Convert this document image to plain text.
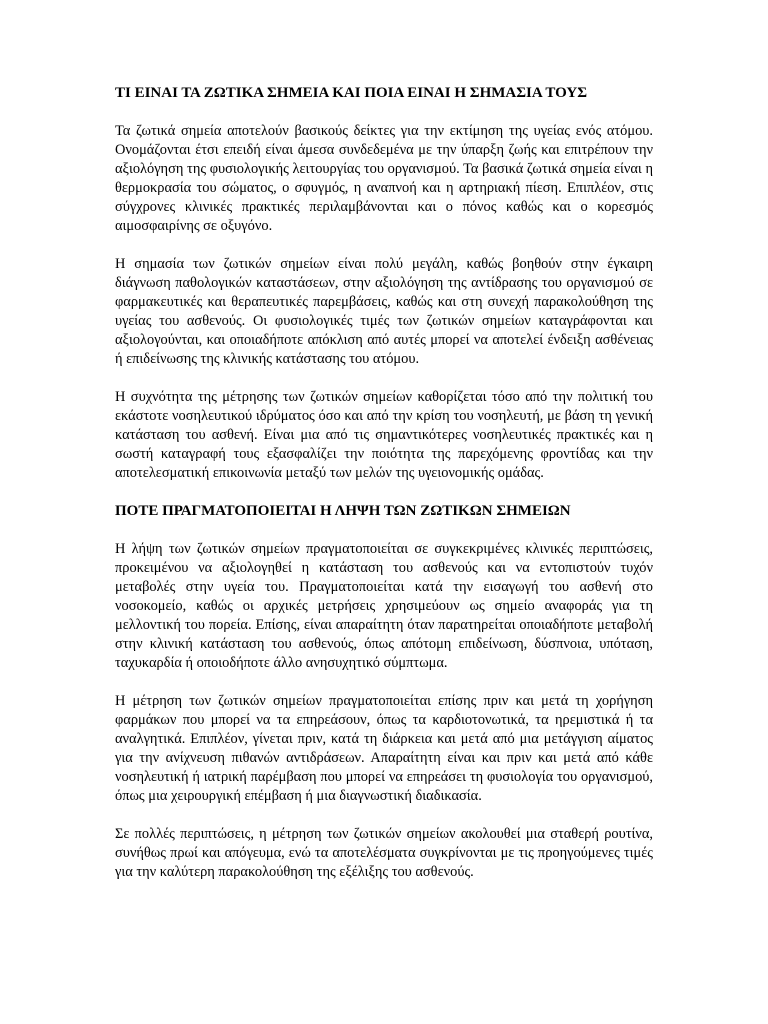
ΤΙ ΕΙΝΑΙ ΤΑ ΖΩΤΙΚΑ ΣΗΜΕΙΑ ΚΑΙ ΠΟΙΑ ΕΙΝΑΙ Η ΣΗΜΑΣΙΑ ΤΟΥΣ

Τα ζωτικά σημεία αποτελούν βασικούς δείκτες για την εκτίμηση της υγείας ενός ατόμου. Ονομάζονται έτσι επειδή είναι άμεσα συνδεδεμένα με την ύπαρξη ζωής και επιτρέπουν την αξιολόγηση της φυσιολογικής λειτουργίας του οργανισμού. Τα βασικά ζωτικά σημεία είναι η θερμοκρασία του σώματος, ο σφυγμός, η αναπνοή και η αρτηριακή πίεση. Επιπλέον, στις σύγχρονες κλινικές πρακτικές περιλαμβάνονται και ο πόνος καθώς και ο κορεσμός αιμοσφαιρίνης σε οξυγόνο.

Η σημασία των ζωτικών σημείων είναι πολύ μεγάλη, καθώς βοηθούν στην έγκαιρη διάγνωση παθολογικών καταστάσεων, στην αξιολόγηση της αντίδρασης του οργανισμού σε φαρμακευτικές και θεραπευτικές παρεμβάσεις, καθώς και στη συνεχή παρακολούθηση της υγείας του ασθενούς. Οι φυσιολογικές τιμές των ζωτικών σημείων καταγράφονται και αξιολογούνται, και οποιαδήποτε απόκλιση από αυτές μπορεί να αποτελεί ένδειξη ασθένειας ή επιδείνωσης της κλινικής κατάστασης του ατόμου.

Η συχνότητα της μέτρησης των ζωτικών σημείων καθορίζεται τόσο από την πολιτική του εκάστοτε νοσηλευτικού ιδρύματος όσο και από την κρίση του νοσηλευτή, με βάση τη γενική κατάσταση του ασθενή. Είναι μια από τις σημαντικότερες νοσηλευτικές πρακτικές και η σωστή καταγραφή τους εξασφαλίζει την ποιότητα της παρεχόμενης φροντίδας και την αποτελεσματική επικοινωνία μεταξύ των μελών της υγειονομικής ομάδας.

ΠΟΤΕ ΠΡΑΓΜΑΤΟΠΟΙΕΙΤΑΙ Η ΛΗΨΗ ΤΩΝ ΖΩΤΙΚΩΝ ΣΗΜΕΙΩΝ

Η λήψη των ζωτικών σημείων πραγματοποιείται σε συγκεκριμένες κλινικές περιπτώσεις, προκειμένου να αξιολογηθεί η κατάσταση του ασθενούς και να εντοπιστούν τυχόν μεταβολές στην υγεία του. Πραγματοποιείται κατά την εισαγωγή του ασθενή στο νοσοκομείο, καθώς οι αρχικές μετρήσεις χρησιμεύουν ως σημείο αναφοράς για τη μελλοντική του πορεία. Επίσης, είναι απαραίτητη όταν παρατηρείται οποιαδήποτε μεταβολή στην κλινική κατάσταση του ασθενούς, όπως απότομη επιδείνωση, δύσπνοια, υπόταση, ταχυκαρδία ή οποιοδήποτε άλλο ανησυχητικό σύμπτωμα.

Η μέτρηση των ζωτικών σημείων πραγματοποιείται επίσης πριν και μετά τη χορήγηση φαρμάκων που μπορεί να τα επηρεάσουν, όπως τα καρδιοτονωτικά, τα ηρεμιστικά ή τα αναλγητικά. Επιπλέον, γίνεται πριν, κατά τη διάρκεια και μετά από μια μετάγγιση αίματος για την ανίχνευση πιθανών αντιδράσεων. Απαραίτητη είναι και πριν και μετά από κάθε νοσηλευτική ή ιατρική παρέμβαση που μπορεί να επηρεάσει τη φυσιολογία του οργανισμού, όπως μια χειρουργική επέμβαση ή μια διαγνωστική διαδικασία.

Σε πολλές περιπτώσεις, η μέτρηση των ζωτικών σημείων ακολουθεί μια σταθερή ρουτίνα, συνήθως πρωί και απόγευμα, ενώ τα αποτελέσματα συγκρίνονται με τις προηγούμενες τιμές για την καλύτερη παρακολούθηση της εξέλιξης του ασθενούς.
